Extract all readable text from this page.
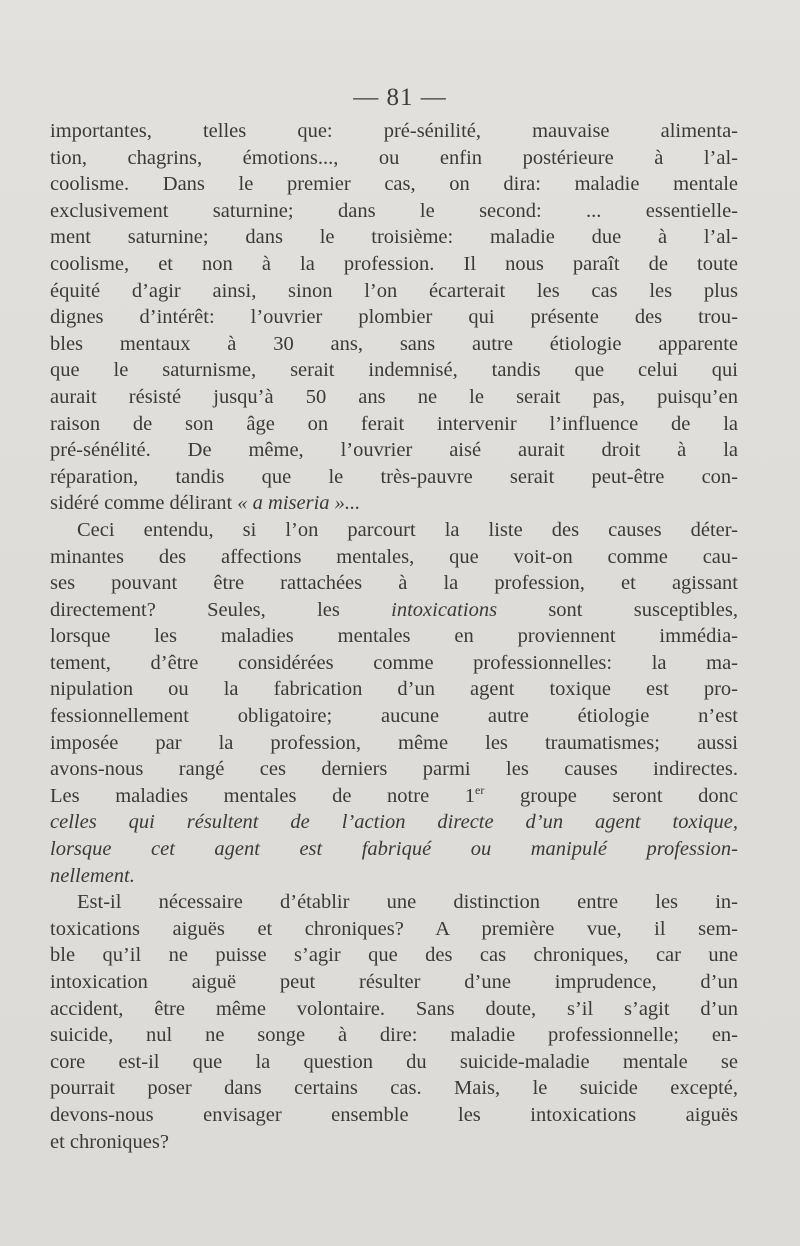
— 81 —
importantes, telles que: pré-sénilité, mauvaise alimenta-
tion, chagrins, émotions..., ou enfin postérieure à l’al-
coolisme. Dans le premier cas, on dira: maladie mentale
exclusivement saturnine; dans le second: ... essentielle-
ment saturnine; dans le troisième: maladie due à l’al-
coolisme, et non à la profession. Il nous paraît de toute
équité d’agir ainsi, sinon l’on écarterait les cas les plus
dignes d’intérêt: l’ouvrier plombier qui présente des trou-
bles mentaux à 30 ans, sans autre étiologie apparente
que le saturnisme, serait indemnisé, tandis que celui qui
aurait résisté jusqu’à 50 ans ne le serait pas, puisqu’en
raison de son âge on ferait intervenir l’influence de la
pré-sénélité. De même, l’ouvrier aisé aurait droit à la
réparation, tandis que le très-pauvre serait peut-être con-
sidéré comme délirant « a miseria »...
Ceci entendu, si l’on parcourt la liste des causes déter-
minantes des affections mentales, que voit-on comme cau-
ses pouvant être rattachées à la profession, et agissant
directement? Seules, les intoxications sont susceptibles,
lorsque les maladies mentales en proviennent immédia-
tement, d’être considérées comme professionnelles: la ma-
nipulation ou la fabrication d’un agent toxique est pro-
fessionnellement obligatoire; aucune autre étiologie n’est
imposée par la profession, même les traumatismes; aussi
avons-nous rangé ces derniers parmi les causes indirectes.
Les maladies mentales de notre 1er groupe seront donc
celles qui résultent de l’action directe d’un agent toxique,
lorsque cet agent est fabriqué ou manipulé profession-
nellement.
Est-il nécessaire d’établir une distinction entre les in-
toxications aiguës et chroniques? A première vue, il sem-
ble qu’il ne puisse s’agir que des cas chroniques, car une
intoxication aiguë peut résulter d’une imprudence, d’un
accident, être même volontaire. Sans doute, s’il s’agit d’un
suicide, nul ne songe à dire: maladie professionnelle; en-
core est-il que la question du suicide-maladie mentale se
pourrait poser dans certains cas. Mais, le suicide excepté,
devons-nous envisager ensemble les intoxications aiguës
et chroniques?
